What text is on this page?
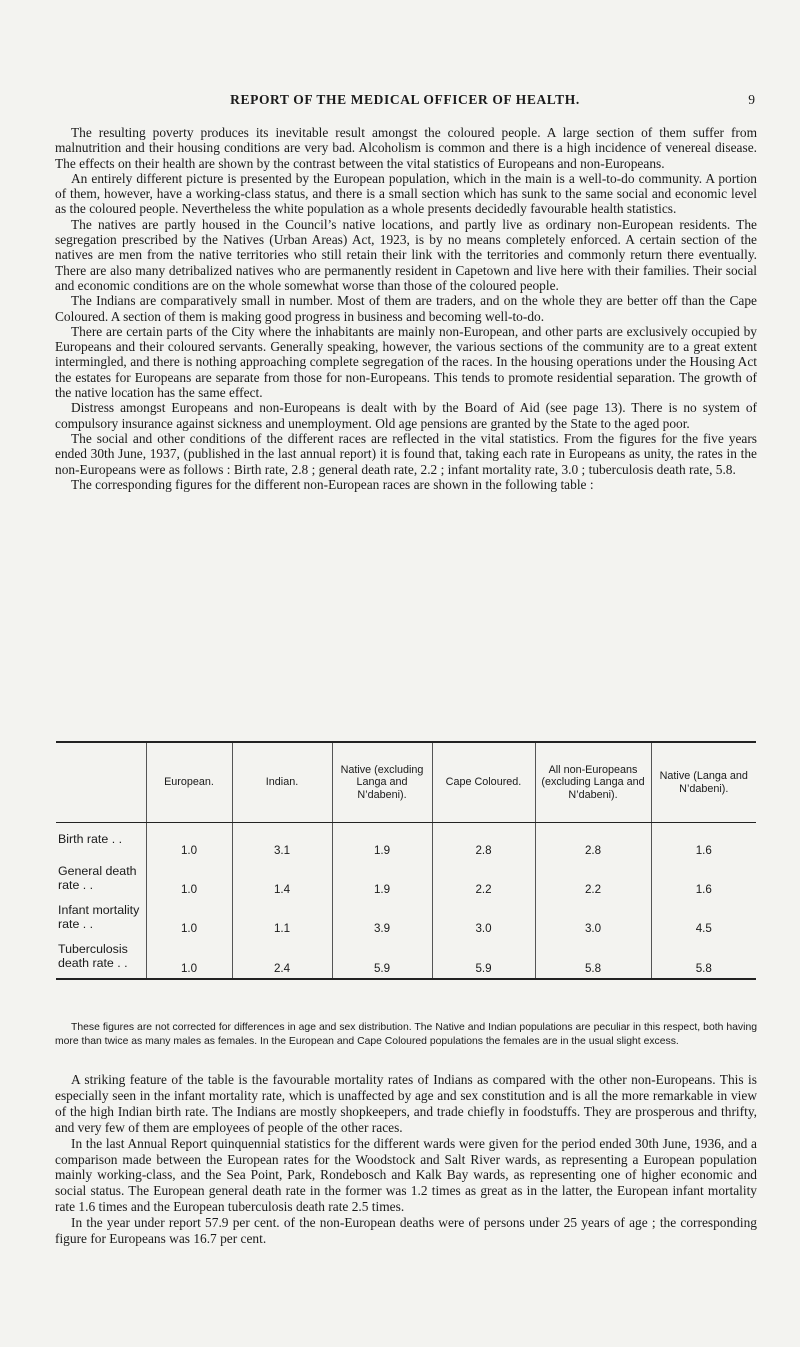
REPORT OF THE MEDICAL OFFICER OF HEALTH.	9

The resulting poverty produces its inevitable result amongst the coloured people. A large section of them suffer from malnutrition and their housing conditions are very bad. Alcoholism is common and there is a high incidence of venereal disease. The effects on their health are shown by the contrast between the vital statistics of Europeans and non-Europeans.

An entirely different picture is presented by the European population, which in the main is a well-to-do community. A portion of them, however, have a working-class status, and there is a small section which has sunk to the same social and economic level as the coloured people. Nevertheless the white population as a whole presents decidedly favourable health statistics.

The natives are partly housed in the Council’s native locations, and partly live as ordinary non-European residents. The segregation prescribed by the Natives (Urban Areas) Act, 1923, is by no means completely enforced. A certain section of the natives are men from the native territories who still retain their link with the territories and commonly return there eventually. There are also many detribalized natives who are permanently resident in Capetown and live here with their families. Their social and economic conditions are on the whole somewhat worse than those of the coloured people.

The Indians are comparatively small in number. Most of them are traders, and on the whole they are better off than the Cape Coloured. A section of them is making good progress in business and becoming well-to-do.

There are certain parts of the City where the inhabitants are mainly non-European, and other parts are exclusively occupied by Europeans and their coloured servants. Generally speaking, however, the various sections of the community are to a great extent intermingled, and there is nothing approaching complete segregation of the races. In the housing operations under the Housing Act the estates for Europeans are separate from those for non-Europeans. This tends to promote residential separation. The growth of the native location has the same effect.

Distress amongst Europeans and non-Europeans is dealt with by the Board of Aid (see page 13). There is no system of compulsory insurance against sickness and unemployment. Old age pensions are granted by the State to the aged poor.

The social and other conditions of the different races are reflected in the vital statistics. From the figures for the five years ended 30th June, 1937, (published in the last annual report) it is found that, taking each rate in Europeans as unity, the rates in the non-Europeans were as follows : Birth rate, 2.8 ; general death rate, 2.2 ; infant mortality rate, 3.0 ; tuberculosis death rate, 5.8.

The corresponding figures for the different non-European races are shown in the following table :

	European.	Indian.	Native (excluding Langa and N’dabeni).	Cape Coloured.	All non-Europeans (excluding Langa and N’dabeni).	Native (Langa and N’dabeni).
Birth rate . .	1.0	3.1	1.9	2.8	2.8	1.6
General death rate . .	1.0	1.4	1.9	2.2	2.2	1.6
Infant mortality rate . .	1.0	1.1	3.9	3.0	3.0	4.5
Tuberculosis death rate . .	1.0	2.4	5.9	5.9	5.8	5.8
These figures are not corrected for differences in age and sex distribution. The Native and Indian populations are peculiar in this respect, both having more than twice as many males as females. In the European and Cape Coloured populations the females are in the usual slight excess.

A striking feature of the table is the favourable mortality rates of Indians as compared with the other non-Europeans. This is especially seen in the infant mortality rate, which is unaffected by age and sex constitution and is all the more remarkable in view of the high Indian birth rate. The Indians are mostly shopkeepers, and trade chiefly in foodstuffs. They are prosperous and thrifty, and very few of them are employees of people of the other races.

In the last Annual Report quinquennial statistics for the different wards were given for the period ended 30th June, 1936, and a comparison made between the European rates for the Woodstock and Salt River wards, as representing a European population mainly working-class, and the Sea Point, Park, Rondebosch and Kalk Bay wards, as representing one of higher economic and social status. The European general death rate in the former was 1.2 times as great as in the latter, the European infant mortality rate 1.6 times and the European tuberculosis death rate 2.5 times.

In the year under report 57.9 per cent. of the non-European deaths were of persons under 25 years of age ; the corresponding figure for Europeans was 16.7 per cent.
